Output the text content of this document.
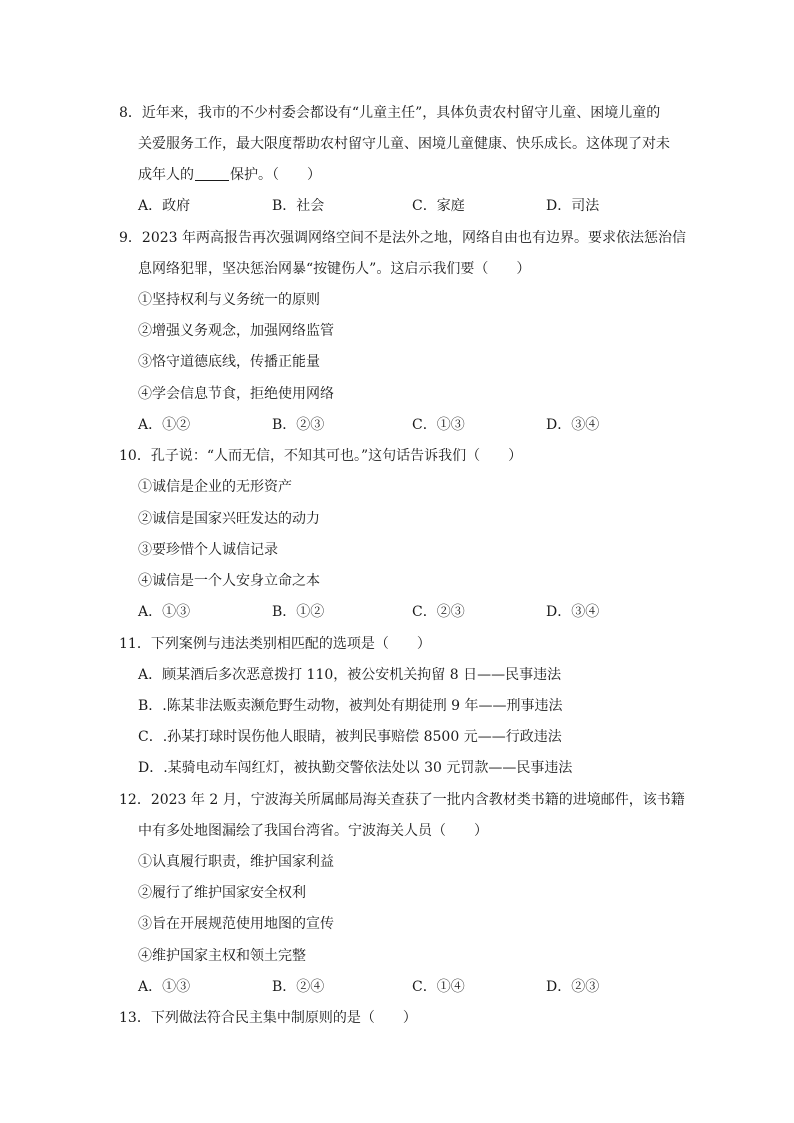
8．近年来，我市的不少村委会都设有“儿童主任”，具体负责农村留守儿童、困境儿童的
关爱服务工作，最大限度帮助农村留守儿童、困境儿童健康、快乐成长。这体现了对未
成年人的	保护。（　　）
A．政府	B．社会	C．家庭	D．司法
9．2023 年两高报告再次强调网络空间不是法外之地，网络自由也有边界。要求依法惩治信
息网络犯罪，坚决惩治网暴“按键伤人”。这启示我们要（　　）
①坚持权利与义务统一的原则
②增强义务观念，加强网络监管
③恪守道德底线，传播正能量
④学会信息节食，拒绝使用网络
A．①②	B．②③	C．①③	D．③④
10．孔子说：“人而无信，不知其可也。”这句话告诉我们（　　）
①诚信是企业的无形资产
②诚信是国家兴旺发达的动力
③要珍惜个人诚信记录
④诚信是一个人安身立命之本
A．①③	B．①②	C．②③	D．③④
11．下列案例与违法类别相匹配的选项是（　　）
A．顾某酒后多次恶意拨打 110，被公安机关拘留 8 日——民事违法
B．.陈某非法贩卖濒危野生动物，被判处有期徒刑 9 年——刑事违法
C．.孙某打球时误伤他人眼睛，被判民事赔偿 8500 元——行政违法
D．.某骑电动车闯红灯，被执勤交警依法处以 30 元罚款——民事违法
12．2023 年 2 月，宁波海关所属邮局海关查获了一批内含教材类书籍的进境邮件，该书籍
中有多处地图漏绘了我国台湾省。宁波海关人员（　　）
①认真履行职责，维护国家利益
②履行了维护国家安全权利
③旨在开展规范使用地图的宣传
④维护国家主权和领土完整
A．①③	B．②④	C．①④	D．②③
13．下列做法符合民主集中制原则的是（　　）
